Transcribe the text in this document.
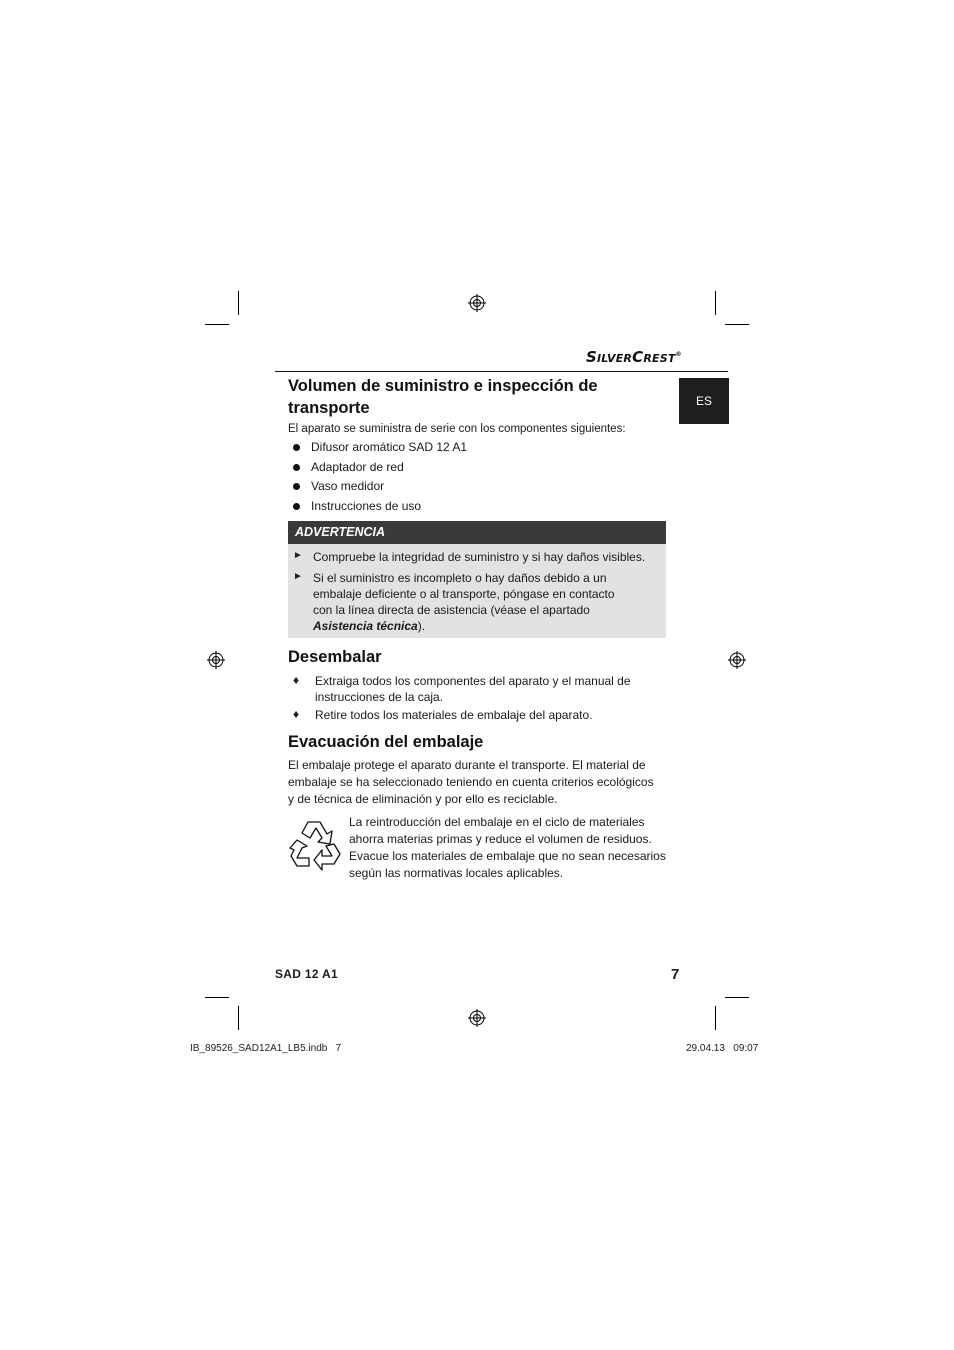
SILVERCREST®
ES
Volumen de suministro e inspección de
transporte

El aparato se suministra de serie con los componentes siguientes:

Difusor aromático SAD 12 A1
Adaptador de red
Vaso medidor
Instrucciones de uso
ADVERTENCIA
► Compruebe la integridad de suministro y si hay daños visibles.

► Si el suministro es incompleto o hay daños debido a un
embalaje deficiente o al transporte, póngase en contacto
con la línea directa de asistencia (véase el apartado
Asistencia técnica).

Desembalar
♦ Extraiga todos los componentes del aparato y el manual de
instrucciones de la caja.

♦ Retire todos los materiales de embalaje del aparato.

Evacuación del embalaje

El embalaje protege el aparato durante el transporte. El material de
embalaje se ha seleccionado teniendo en cuenta criterios ecológicos
y de técnica de eliminación y por ello es reciclable.

La reintroducción del embalaje en el ciclo de materiales
ahorra materias primas y reduce el volumen de residuos.
Evacue los materiales de embalaje que no sean necesarios
según las normativas locales aplicables.

SAD 12 A1	7
IB_89526_SAD12A1_LB5.indb   7	29.04.13   09:07
